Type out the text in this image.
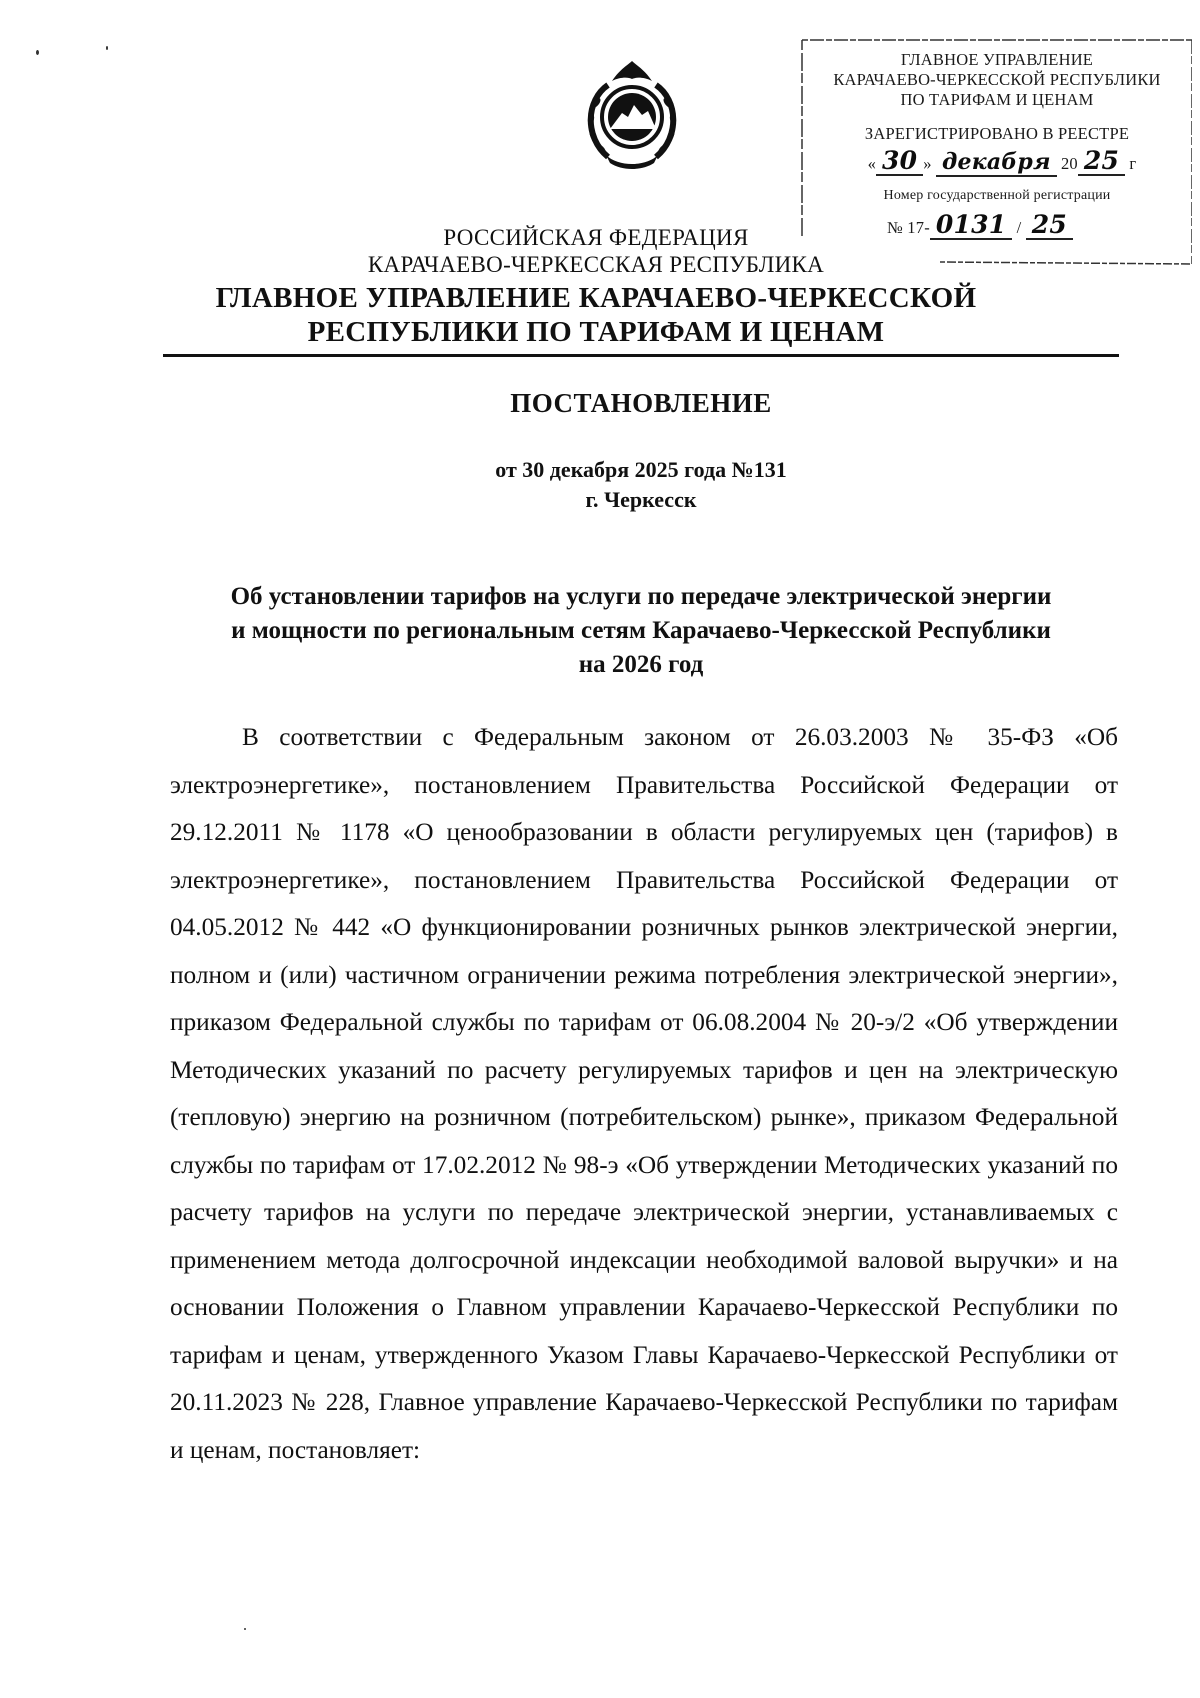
ГЛАВНОЕ УПРАВЛЕНИЕ
КАРАЧАЕВО-ЧЕРКЕССКОЙ РЕСПУБЛИКИ
ПО ТАРИФАМ И ЦЕНАМ
ЗАРЕГИСТРИРОВАНО В РЕЕСТРЕ
« 30 » декабря 20 25 г
Номер государственной регистрации
№ 17- 0131 / 25
РОССИЙСКАЯ ФЕДЕРАЦИЯ
КАРАЧАЕВО-ЧЕРКЕССКАЯ РЕСПУБЛИКА
ГЛАВНОЕ УПРАВЛЕНИЕ КАРАЧАЕВО-ЧЕРКЕССКОЙ
РЕСПУБЛИКИ ПО ТАРИФАМ И ЦЕНАМ
ПОСТАНОВЛЕНИЕ
от 30 декабря 2025 года №131
г. Черкесск
Об установлении тарифов на услуги по передаче электрической энергии
и мощности по региональным сетям Карачаево-Черкесской Республики
на 2026 год
В соответствии с Федеральным законом от 26.03.2003 № 35-ФЗ «Об электроэнергетике», постановлением Правительства Российской Федерации от 29.12.2011 № 1178 «О ценообразовании в области регулируемых цен (тарифов) в электроэнергетике», постановлением Правительства Российской Федерации от 04.05.2012 № 442 «О функционировании розничных рынков электрической энергии, полном и (или) частичном ограничении режима потребления электрической энергии», приказом Федеральной службы по тарифам от 06.08.2004 № 20-э/2 «Об утверждении Методических указаний по расчету регулируемых тарифов и цен на электрическую (тепловую) энергию на розничном (потребительском) рынке», приказом Федеральной службы по тарифам от 17.02.2012 № 98-э «Об утверждении Методических указаний по расчету тарифов на услуги по передаче электрической энергии, устанавливаемых с применением метода долгосрочной индексации необходимой валовой выручки» и на основании Положения о Главном управлении Карачаево-Черкесской Республики по тарифам и ценам, утвержденного Указом Главы Карачаево-Черкесской Республики от 20.11.2023 № 228, Главное управление Карачаево-Черкесской Республики по тарифам и ценам, постановляет:
